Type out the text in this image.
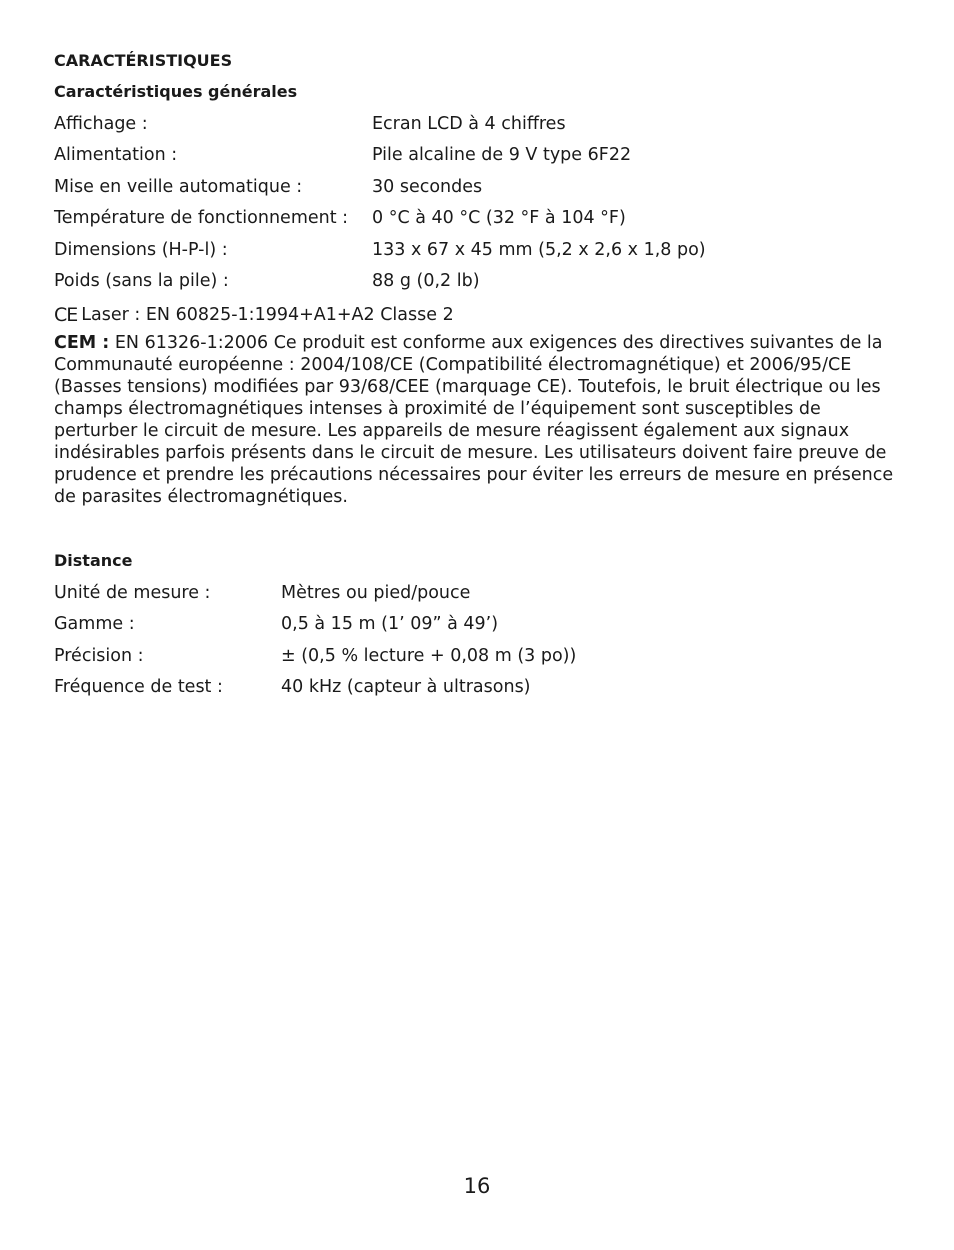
CARACTÉRISTIQUES
Caractéristiques générales
Affichage :	Ecran LCD à 4 chiffres
Alimentation :	Pile alcaline de 9 V type 6F22
Mise en veille automatique :	30 secondes
Température de fonctionnement :	0 °C à 40 °C (32 °F à 104 °F)
Dimensions (H-P-l) :	133 x 67 x 45 mm (5,2 x 2,6 x 1,8 po)
Poids (sans la pile) :	88 g (0,2 lb)
CE Laser : EN 60825-1:1994+A1+A2 Classe 2
CEM : EN 61326-1:2006 Ce produit est conforme aux exigences des directives suivantes de la Communauté européenne : 2004/108/CE (Compatibilité électromagnétique) et 2006/95/CE (Basses tensions) modifiées par 93/68/CEE (marquage CE). Toutefois, le bruit électrique ou les champs électromagnétiques intenses à proximité de l’équipement sont susceptibles de perturber le circuit de mesure. Les appareils de mesure réagissent également aux signaux indésirables parfois présents dans le circuit de mesure. Les utilisateurs doivent faire preuve de prudence et prendre les précautions nécessaires pour éviter les erreurs de mesure en présence de parasites électromagnétiques.
Distance
Unité de mesure :	Mètres ou pied/pouce
Gamme :	0,5 à 15 m (1’ 09” à 49’)
Précision :	± (0,5 % lecture + 0,08 m (3 po))
Fréquence de test :	40 kHz (capteur à ultrasons)
16
